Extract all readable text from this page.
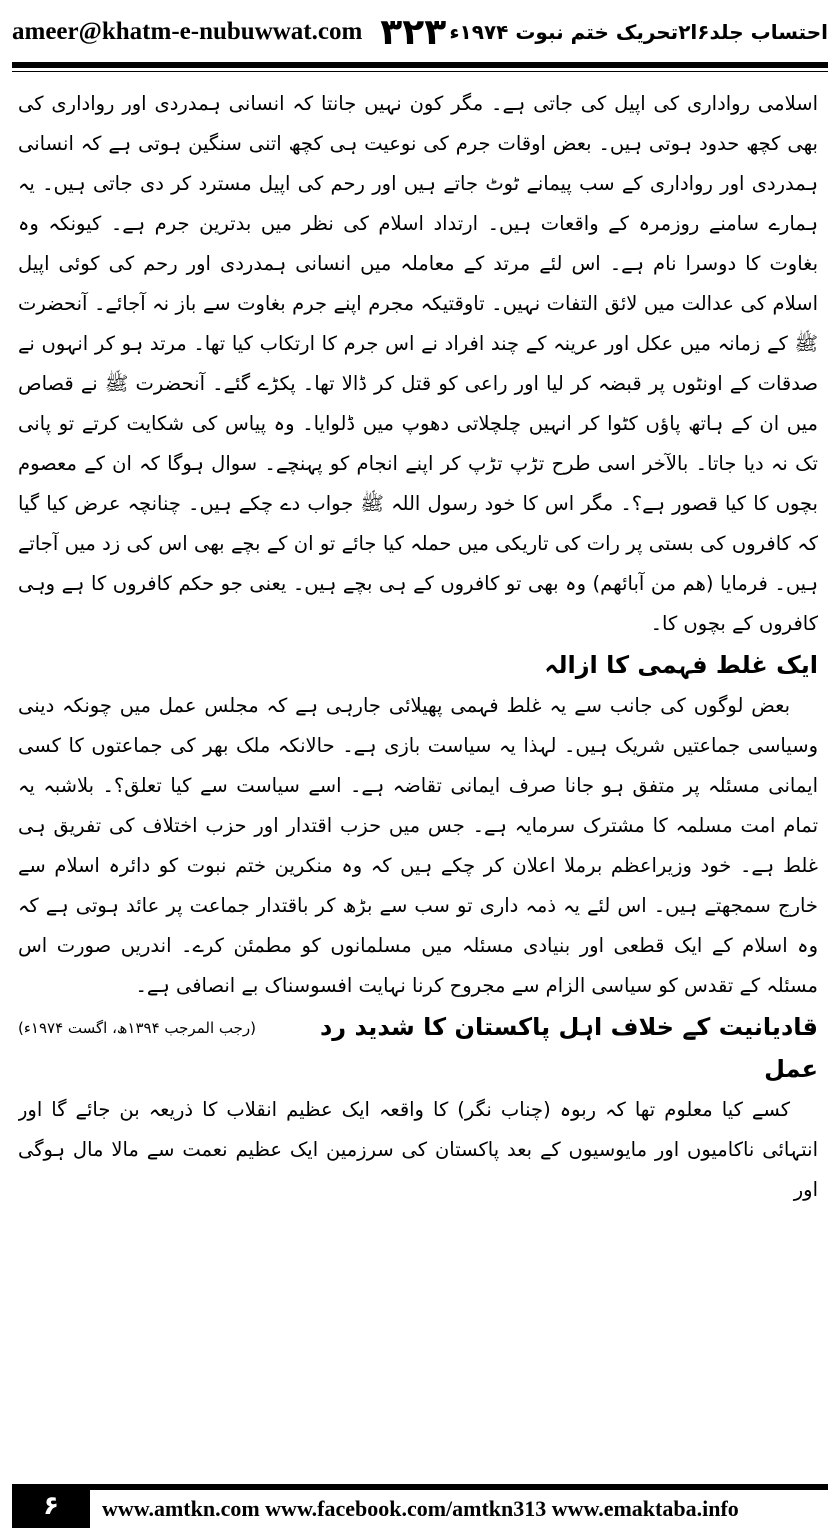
ameer@khatm-e-nubuwwat.com ۳۲۳ احتساب جلد۶ا۲تحریک ختم نبوت ۱۹۷۴ء

اسلامی رواداری کی اپیل کی جاتی ہے۔ مگر کون نہیں جانتا کہ انسانی ہمدردی اور رواداری کی بھی کچھ حدود ہوتی ہیں۔ بعض اوقات جرم کی نوعیت ہی کچھ اتنی سنگین ہوتی ہے کہ انسانی ہمدردی اور رواداری کے سب پیمانے ٹوٹ جاتے ہیں اور رحم کی اپیل مسترد کر دی جاتی ہیں۔ یہ ہمارے سامنے روزمرہ کے واقعات ہیں۔ ارتداد اسلام کی نظر میں بدترین جرم ہے۔ کیونکہ وہ بغاوت کا دوسرا نام ہے۔ اس لئے مرتد کے معاملہ میں انسانی ہمدردی اور رحم کی کوئی اپیل اسلام کی عدالت میں لائق التفات نہیں۔ تاوقتیکہ مجرم اپنے جرم بغاوت سے باز نہ آجائے۔ آنحضرت ﷺ کے زمانہ میں عکل اور عرینہ کے چند افراد نے اس جرم کا ارتکاب کیا تھا۔ مرتد ہو کر انہوں نے صدقات کے اونٹوں پر قبضہ کر لیا اور راعی کو قتل کر ڈالا تھا۔ پکڑے گئے۔ آنحضرت ﷺ نے قصاص میں ان کے ہاتھ پاؤں کٹوا کر انہیں چلچلاتی دھوپ میں ڈلوایا۔ وہ پیاس کی شکایت کرتے تو پانی تک نہ دیا جاتا۔ بالآخر اسی طرح تڑپ تڑپ کر اپنے انجام کو پہنچے۔ سوال ہوگا کہ ان کے معصوم بچوں کا کیا قصور ہے؟۔ مگر اس کا خود رسول اللہ ﷺ جواب دے چکے ہیں۔ چنانچہ عرض کیا گیا کہ کافروں کی بستی پر رات کی تاریکی میں حملہ کیا جائے تو ان کے بچے بھی اس کی زد میں آجاتے ہیں۔ فرمایا (ھم من آبائھم) وہ بھی تو کافروں کے ہی بچے ہیں۔ یعنی جو حکم کافروں کا ہے وہی کافروں کے بچوں کا۔

ایک غلط فہمی کا ازالہ

بعض لوگوں کی جانب سے یہ غلط فہمی پھیلائی جارہی ہے کہ مجلس عمل میں چونکہ دینی وسیاسی جماعتیں شریک ہیں۔ لہذا یہ سیاست بازی ہے۔ حالانکہ ملک بھر کی جماعتوں کا کسی ایمانی مسئلہ پر متفق ہو جانا صرف ایمانی تقاضہ ہے۔ اسے سیاست سے کیا تعلق؟۔ بلاشبہ یہ تمام امت مسلمہ کا مشترک سرمایہ ہے۔ جس میں حزب اقتدار اور حزب اختلاف کی تفریق ہی غلط ہے۔ خود وزیراعظم برملا اعلان کر چکے ہیں کہ وہ منکرین ختم نبوت کو دائرہ اسلام سے خارج سمجھتے ہیں۔ اس لئے یہ ذمہ داری تو سب سے بڑھ کر باقتدار جماعت پر عائد ہوتی ہے کہ وہ اسلام کے ایک قطعی اور بنیادی مسئلہ میں مسلمانوں کو مطمئن کرے۔ اندریں صورت اس مسئلہ کے تقدس کو سیاسی الزام سے مجروح کرنا نہایت افسوسناک بے انصافی ہے۔
(رجب المرجب ۱۳۹۴ھ، اگست ۱۹۷۴ء)	قادیانیت کے خلاف اہل پاکستان کا شدید رد عمل

کسے کیا معلوم تھا کہ ربوہ (چناب نگر) کا واقعہ ایک عظیم انقلاب کا ذریعہ بن جائے گا اور انتہائی ناکامیوں اور مایوسیوں کے بعد پاکستان کی سرزمین ایک عظیم نعمت سے مالا مال ہوگی اور

۶	www.amtkn.com www.facebook.com/amtkn313 www.emaktaba.info
